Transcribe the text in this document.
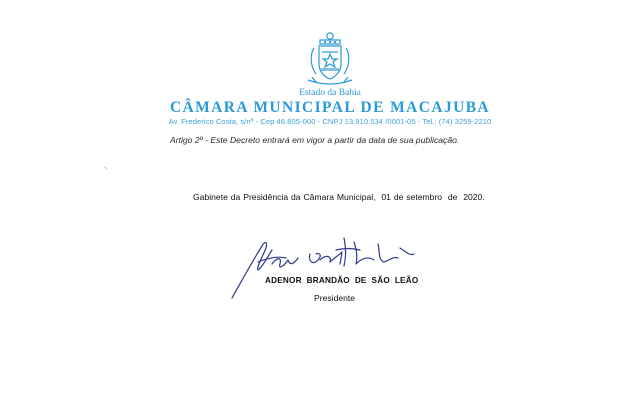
Estado da Bahia
CÂMARA MUNICIPAL DE MACAJUBA
Av. Frederico Costa, s/nº - Cep 46.805-000 - CNPJ 13.910.534 /0001-05 - Tel.: (74) 3259-2210
Artigo 2º - Este Decreto entrará em vigor a partir da data de sua publicação.
Gabinete da Presidência da Câmara Municipal,  01 de setembro  de  2020.
ADENOR  BRANDÃO  DE  SÃO  LEÃO
Presidente
